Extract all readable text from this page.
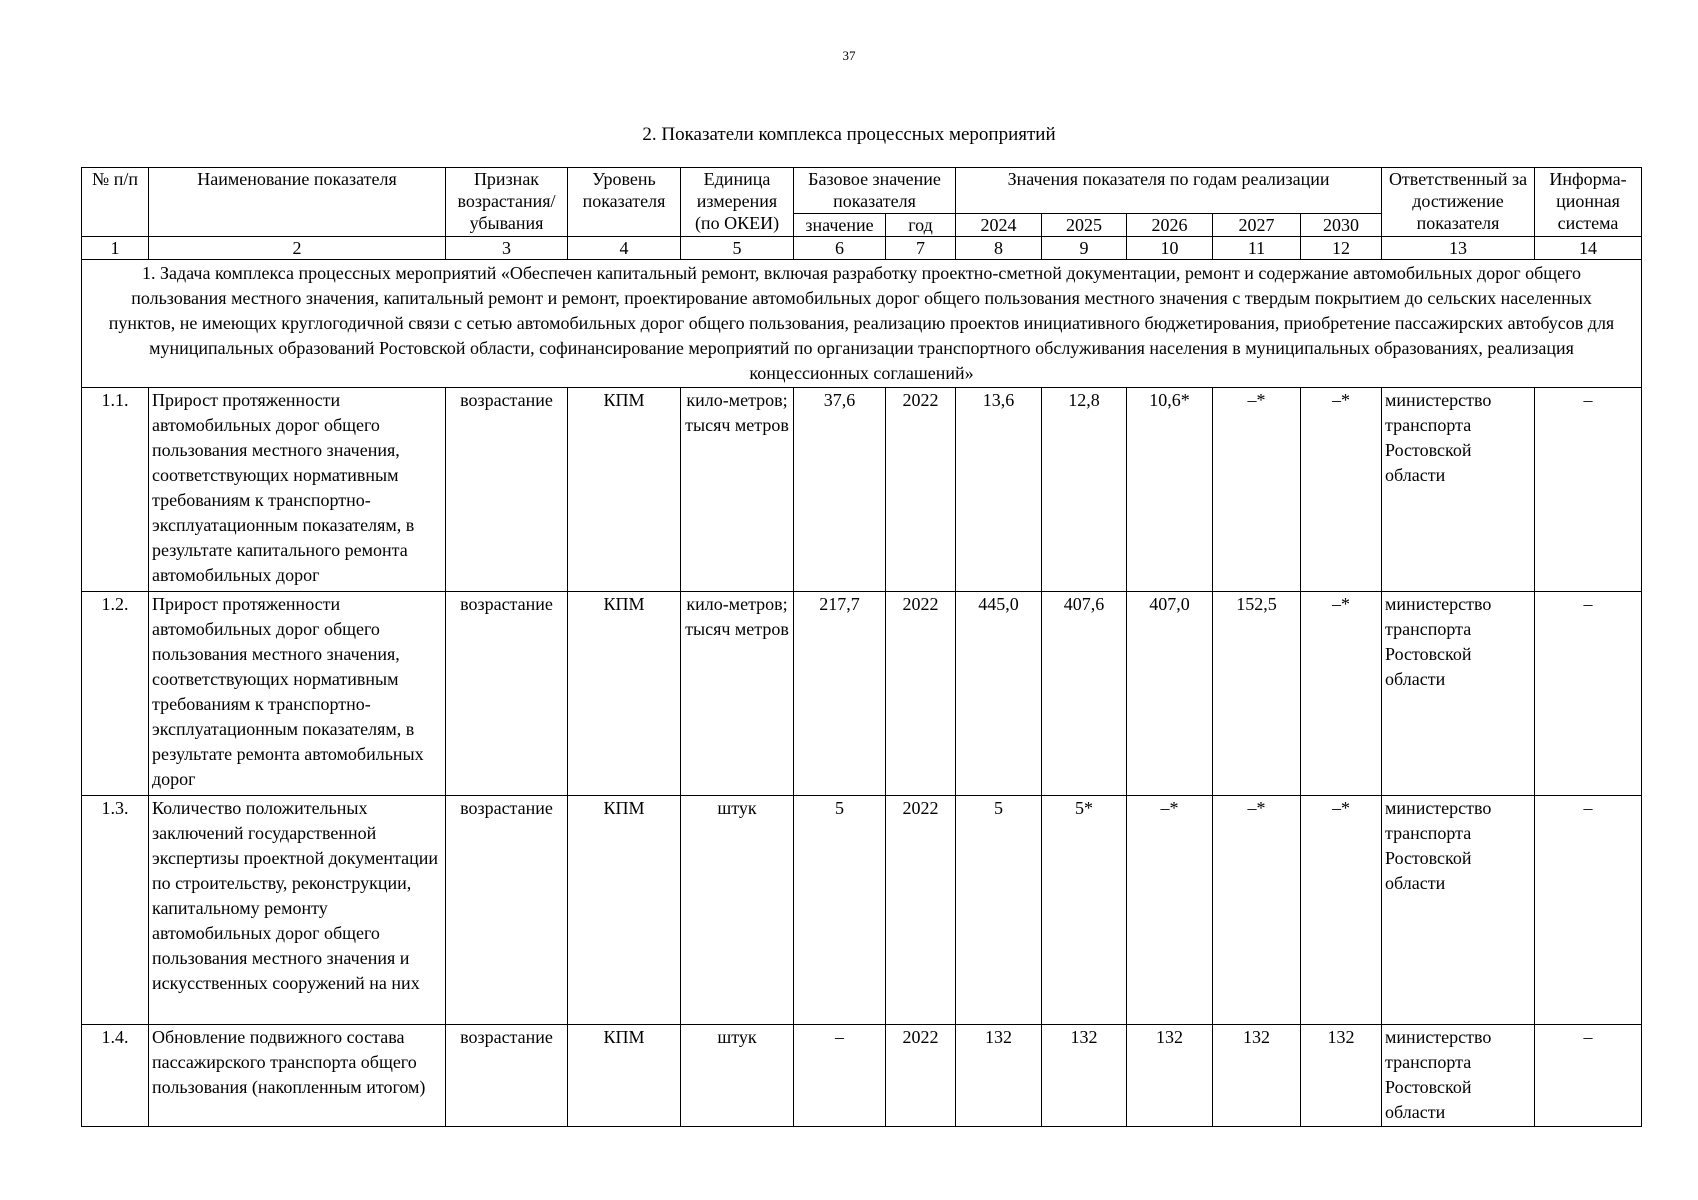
37
2. Показатели комплекса процессных мероприятий
№ п/п	Наименование показателя	Признак возрастания/ убывания	Уровень показателя	Единица измерения (по ОКЕИ)	Базовое значение показателя		Значения показателя по годам реализации					Ответственный за достижение показателя	Информа- ционная система
					значение	год	2024	2025	2026	2027	2030		
1	2	3	4	5	6	7	8	9	10	11	12	13	14
1. Задача комплекса процессных мероприятий «Обеспечен капитальный ремонт, включая разработку проектно-сметной документации, ремонт и содержание автомобильных дорог общего пользования местного значения, капитальный ремонт и ремонт, проектирование автомобильных дорог общего пользования местного значения с твердым покрытием до сельских населенных пунктов, не имеющих круглогодичной связи с сетью автомобильных дорог общего пользования, реализацию проектов инициативного бюджетирования, приобретение пассажирских автобусов для муниципальных образований Ростовской области, софинансирование мероприятий по организации транспортного обслуживания населения в муниципальных образованиях, реализация концессионных соглашений»													
1.1.	Прирост протяженности автомобильных дорог общего пользования местного значения, соответствующих нормативным требованиям к транспортно-эксплуатационным показателям, в результате капитального ремонта автомобильных дорог	возрастание	КПМ	кило-метров; тысяч метров	37,6	2022	13,6	12,8	10,6*	–*	–*	министерство транспорта Ростовской области	–
1.2.	Прирост протяженности автомобильных дорог общего пользования местного значения, соответствующих нормативным требованиям к транспортно-эксплуатационным показателям, в результате ремонта автомобильных дорог	возрастание	КПМ	кило-метров; тысяч метров	217,7	2022	445,0	407,6	407,0	152,5	–*	министерство транспорта Ростовской области	–
1.3.	Количество положительных заключений государственной экспертизы проектной документации по строительству, реконструкции, капитальному ремонту автомобильных дорог общего пользования местного значения и искусственных сооружений на них	возрастание	КПМ	штук	5	2022	5	5*	–*	–*	–*	министерство транспорта Ростовской области	–
1.4.	Обновление подвижного состава пассажирского транспорта общего пользования (накопленным итогом)	возрастание	КПМ	штук	–	2022	132	132	132	132	132	министерство транспорта Ростовской области	–
